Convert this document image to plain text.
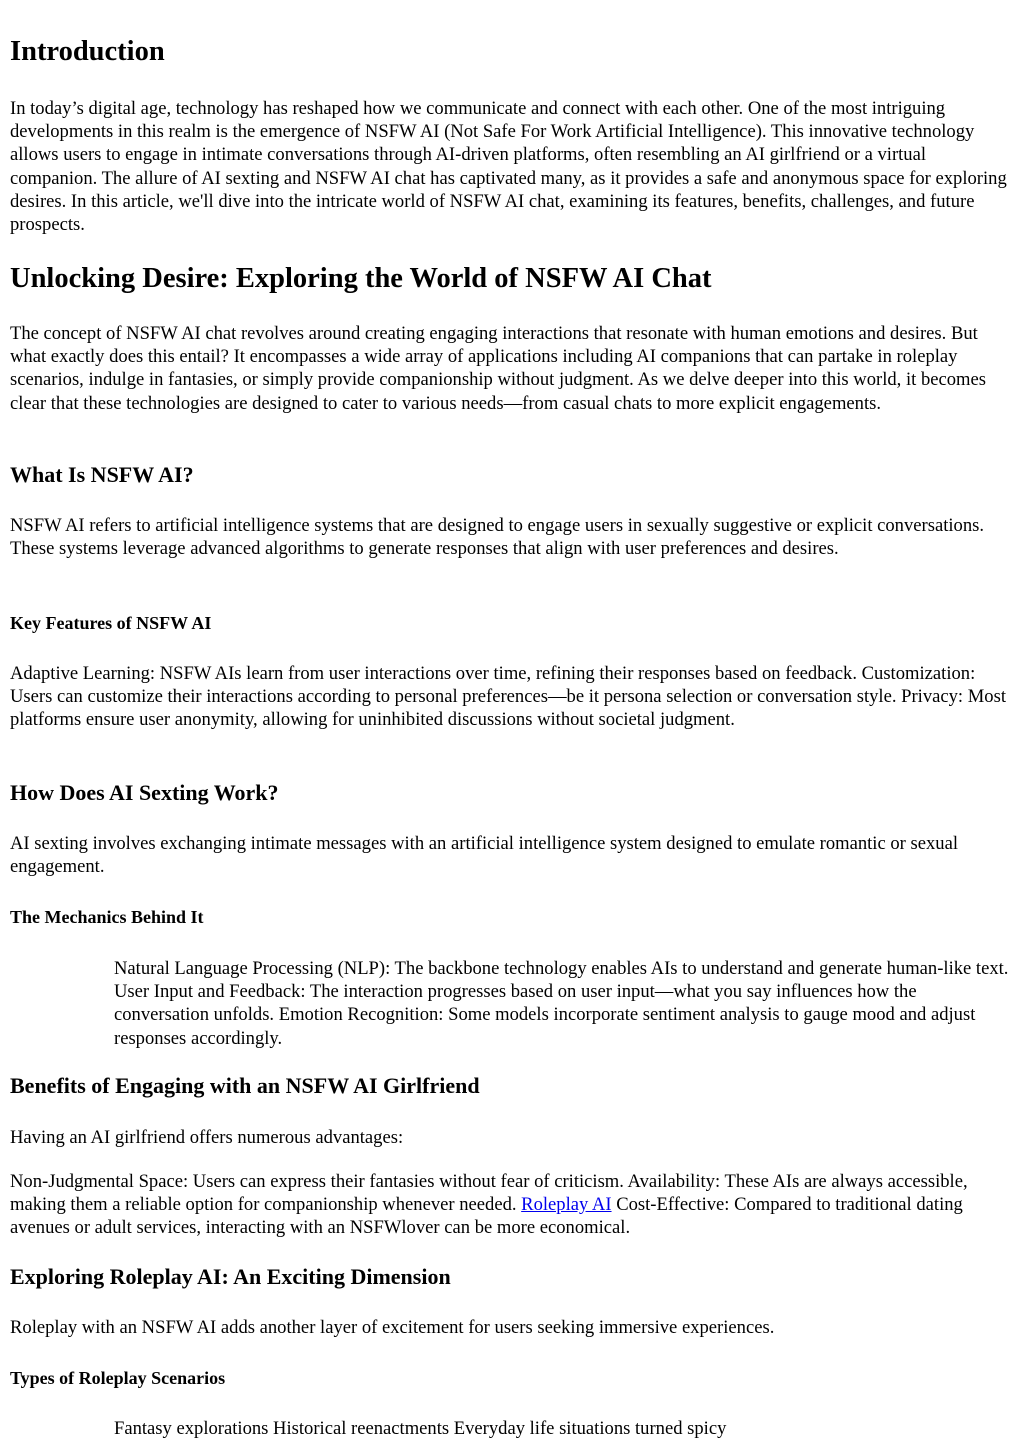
Introduction

In today’s digital age, technology has reshaped how we communicate and connect with each other. One of the most intriguing developments in this realm is the emergence of NSFW AI (Not Safe For Work Artificial Intelligence). This innovative technology allows users to engage in intimate conversations through AI-driven platforms, often resembling an AI girlfriend or a virtual companion. The allure of AI sexting and NSFW AI chat has captivated many, as it provides a safe and anonymous space for exploring desires. In this article, we'll dive into the intricate world of NSFW AI chat, examining its features, benefits, challenges, and future prospects.

Unlocking Desire: Exploring the World of NSFW AI Chat

The concept of NSFW AI chat revolves around creating engaging interactions that resonate with human emotions and desires. But what exactly does this entail? It encompasses a wide array of applications including AI companions that can partake in roleplay scenarios, indulge in fantasies, or simply provide companionship without judgment. As we delve deeper into this world, it becomes clear that these technologies are designed to cater to various needs—from casual chats to more explicit engagements.

What Is NSFW AI?

NSFW AI refers to artificial intelligence systems that are designed to engage users in sexually suggestive or explicit conversations. These systems leverage advanced algorithms to generate responses that align with user preferences and desires.

Key Features of NSFW AI

Adaptive Learning: NSFW AIs learn from user interactions over time, refining their responses based on feedback. Customization: Users can customize their interactions according to personal preferences—be it persona selection or conversation style. Privacy: Most platforms ensure user anonymity, allowing for uninhibited discussions without societal judgment.

How Does AI Sexting Work?

AI sexting involves exchanging intimate messages with an artificial intelligence system designed to emulate romantic or sexual engagement.

The Mechanics Behind It
Natural Language Processing (NLP): The backbone technology enables AIs to understand and generate human-like text. User Input and Feedback: The interaction progresses based on user input—what you say influences how the conversation unfolds. Emotion Recognition: Some models incorporate sentiment analysis to gauge mood and adjust responses accordingly.
Benefits of Engaging with an NSFW AI Girlfriend

Having an AI girlfriend offers numerous advantages:

Non-Judgmental Space: Users can express their fantasies without fear of criticism. Availability: These AIs are always accessible, making them a reliable option for companionship whenever needed. Roleplay AI Cost-Effective: Compared to traditional dating avenues or adult services, interacting with an NSFWlover can be more economical.

Exploring Roleplay AI: An Exciting Dimension

Roleplay with an NSFW AI adds another layer of excitement for users seeking immersive experiences.

Types of Roleplay Scenarios
Fantasy explorations Historical reenactments Everyday life situations turned spicy
